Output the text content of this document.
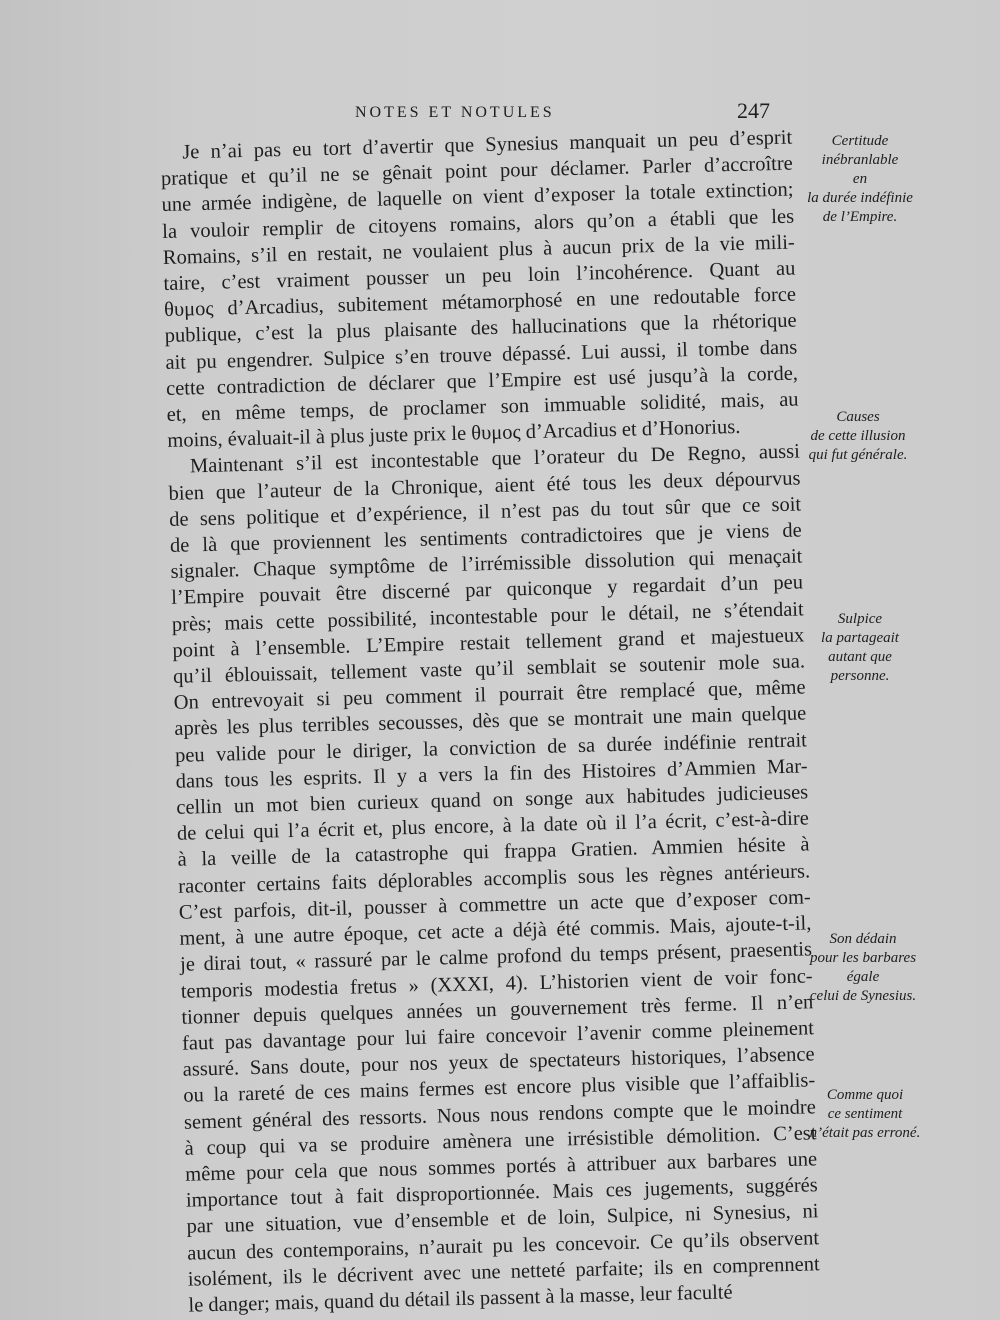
NOTES ET NOTULES	247
Je n’ai pas eu tort d’avertir que Synesius manquait un peu d’esprit
pratique et qu’il ne se gênait point pour déclamer. Parler d’accroître
une armée indigène, de laquelle on vient d’exposer la totale extinction;
la vouloir remplir de citoyens romains, alors qu’on a établi que les
Romains, s’il en restait, ne voulaient plus à aucun prix de la vie mili-
taire, c’est vraiment pousser un peu loin l’incohérence. Quant au
θυμος d’Arcadius, subitement métamorphosé en une redoutable force
publique, c’est la plus plaisante des hallucinations que la rhétorique
ait pu engendrer. Sulpice s’en trouve dépassé. Lui aussi, il tombe dans
cette contradiction de déclarer que l’Empire est usé jusqu’à la corde,
et, en même temps, de proclamer son immuable solidité, mais, au
moins, évaluait-il à plus juste prix le θυμος d’Arcadius et d’Honorius.
Maintenant s’il est incontestable que l’orateur du De Regno, aussi
bien que l’auteur de la Chronique, aient été tous les deux dépourvus
de sens politique et d’expérience, il n’est pas du tout sûr que ce soit
de là que proviennent les sentiments contradictoires que je viens de
signaler. Chaque symptôme de l’irrémissible dissolution qui menaçait
l’Empire pouvait être discerné par quiconque y regardait d’un peu
près; mais cette possibilité, incontestable pour le détail, ne s’étendait
point à l’ensemble. L’Empire restait tellement grand et majestueux
qu’il éblouissait, tellement vaste qu’il semblait se soutenir mole sua.
On entrevoyait si peu comment il pourrait être remplacé que, même
après les plus terribles secousses, dès que se montrait une main quelque
peu valide pour le diriger, la conviction de sa durée indéfinie rentrait
dans tous les esprits. Il y a vers la fin des Histoires d’Ammien Mar-
cellin un mot bien curieux quand on songe aux habitudes judicieuses
de celui qui l’a écrit et, plus encore, à la date où il l’a écrit, c’est-à-dire
à la veille de la catastrophe qui frappa Gratien. Ammien hésite à
raconter certains faits déplorables accomplis sous les règnes antérieurs.
C’est parfois, dit-il, pousser à commettre un acte que d’exposer com-
ment, à une autre époque, cet acte a déjà été commis. Mais, ajoute-t-il,
je dirai tout, « rassuré par le calme profond du temps présent, praesentis
temporis modestia fretus » (XXXI, 4). L’historien vient de voir fonc-
tionner depuis quelques années un gouvernement très ferme. Il n’en
faut pas davantage pour lui faire concevoir l’avenir comme pleinement
assuré. Sans doute, pour nos yeux de spectateurs historiques, l’absence
ou la rareté de ces mains fermes est encore plus visible que l’affaiblis-
sement général des ressorts. Nous nous rendons compte que le moindre
à coup qui va se produire amènera une irrésistible démolition. C’est
même pour cela que nous sommes portés à attribuer aux barbares une
importance tout à fait disproportionnée. Mais ces jugements, suggérés
par une situation, vue d’ensemble et de loin, Sulpice, ni Synesius, ni
aucun des contemporains, n’aurait pu les concevoir. Ce qu’ils observent
isolément, ils le décrivent avec une netteté parfaite; ils en comprennent
le danger; mais, quand du détail ils passent à la masse, leur faculté
Certitude
inébranlable
en
la durée indéfinie
de l’Empire.
Causes
de cette illusion
qui fut générale.
Sulpice
la partageait
autant que
personne.
Son dédain
pour les barbares
égale
celui de Synesius.
Comme quoi
ce sentiment
n’était pas erroné.
